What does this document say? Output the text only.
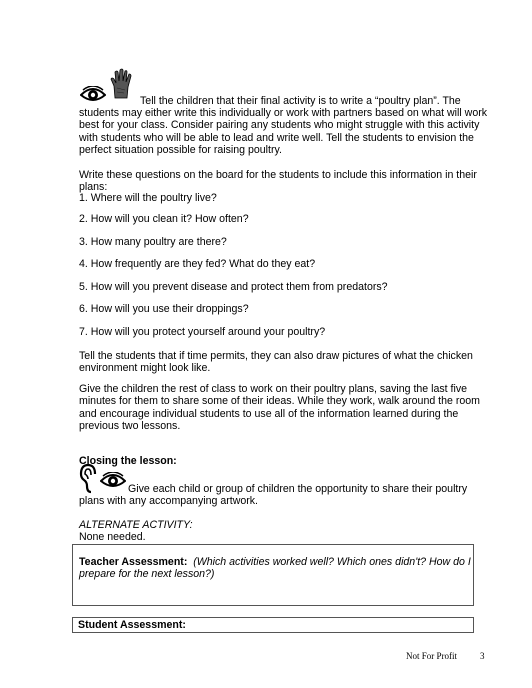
Tell the children that their final activity is to write a “poultry plan”. The

students may either write this individually or work with partners based on what will work best for your class. Consider pairing any students who might struggle with this activity with students who will be able to lead and write well. Tell the students to envision the perfect situation possible for raising poultry.

Write these questions on the board for the students to include this information in their plans:

1. Where will the poultry live?

2. How will you clean it? How often?

3. How many poultry are there?

4. How frequently are they fed? What do they eat?

5. How will you prevent disease and protect them from predators?

6. How will you use their droppings?

7. How will you protect yourself around your poultry?

Tell the students that if time permits, they can also draw pictures of what the chicken environment might look like.

Give the children the rest of class to work on their poultry plans, saving the last five minutes for them to share some of their ideas. While they work, walk around the room and encourage individual students to use all of the information learned during the previous two lessons.

Closing the lesson:

Give each child or group of children the opportunity to share their poultry

plans with any accompanying artwork.

ALTERNATE ACTIVITY:

None needed.

Teacher Assessment: (Which activities worked well? Which ones didn't? How do I

prepare for the next lesson?)

Student Assessment:

Not For Profit	3
